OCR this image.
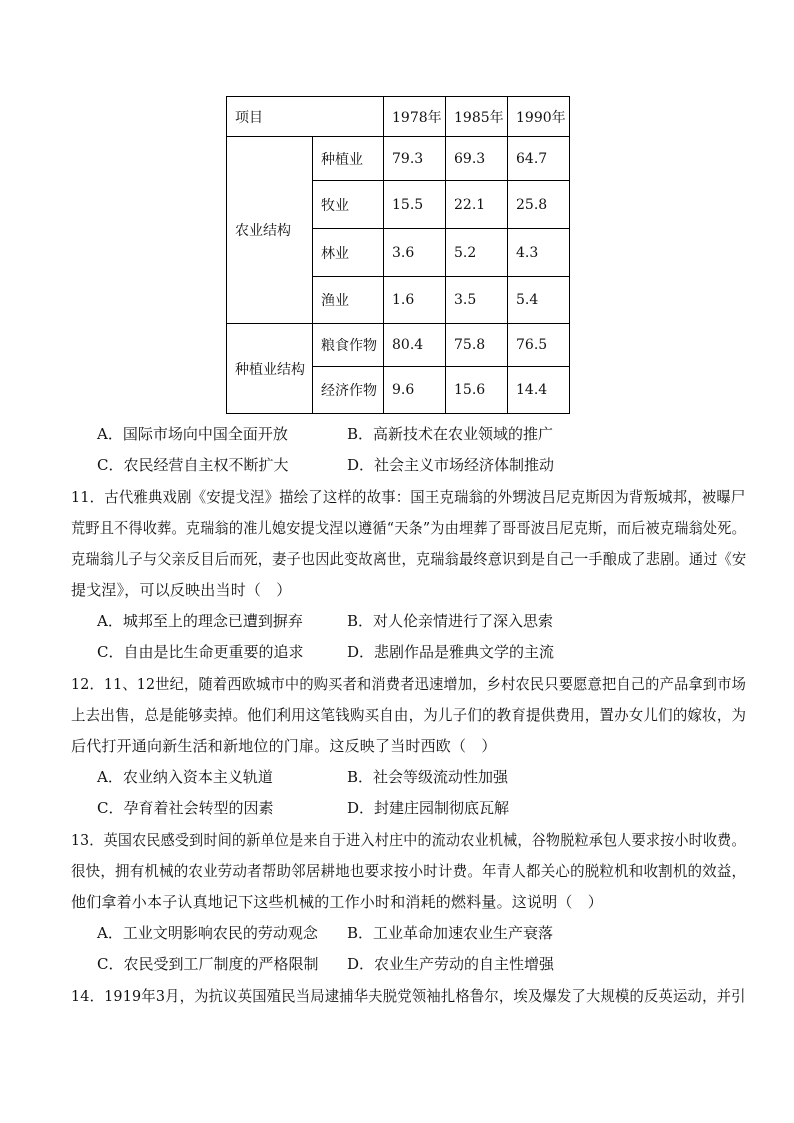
项目		1978年	1985年	1990年
农业结构	种植业	79.3	69.3	64.7
	牧业	15.5	22.1	25.8
	林业	3.6	5.2	4.3
	渔业	1.6	3.5	5.4
种植业结构	粮食作物	80.4	75.8	76.5
	经济作物	9.6	15.6	14.4
A．国际市场向中国全面开放	B．高新技术在农业领域的推广
C．农民经营自主权不断扩大	D．社会主义市场经济体制推动
11．古代雅典戏剧《安提戈涅》描绘了这样的故事：国王克瑞翁的外甥波吕尼克斯因为背叛城邦，被曝尸
荒野且不得收葬。克瑞翁的准儿媳安提戈涅以遵循“天条”为由埋葬了哥哥波吕尼克斯，而后被克瑞翁处死。
克瑞翁儿子与父亲反目后而死，妻子也因此变故离世，克瑞翁最终意识到是自己一手酿成了悲剧。通过《安
提戈涅》，可以反映出当时（　）
A．城邦至上的理念已遭到摒弃	B．对人伦亲情进行了深入思索
C．自由是比生命更重要的追求	D．悲剧作品是雅典文学的主流
12．11、12世纪，随着西欧城市中的购买者和消费者迅速增加，乡村农民只要愿意把自己的产品拿到市场
上去出售，总是能够卖掉。他们利用这笔钱购买自由，为儿子们的教育提供费用，置办女儿们的嫁妆，为
后代打开通向新生活和新地位的门扉。这反映了当时西欧（　）
A．农业纳入资本主义轨道	B．社会等级流动性加强
C．孕育着社会转型的因素	D．封建庄园制彻底瓦解
13．英国农民感受到时间的新单位是来自于进入村庄中的流动农业机械，谷物脱粒承包人要求按小时收费。
很快，拥有机械的农业劳动者帮助邻居耕地也要求按小时计费。年青人都关心的脱粒机和收割机的效益，
他们拿着小本子认真地记下这些机械的工作小时和消耗的燃料量。这说明（　）
A．工业文明影响农民的劳动观念 B．工业革命加速农业生产衰落
C．农民受到工厂制度的严格限制 D．农业生产劳动的自主性增强
14．1919年3月，为抗议英国殖民当局逮捕华夫脱党领袖扎格鲁尔，埃及爆发了大规模的反英运动，并引
